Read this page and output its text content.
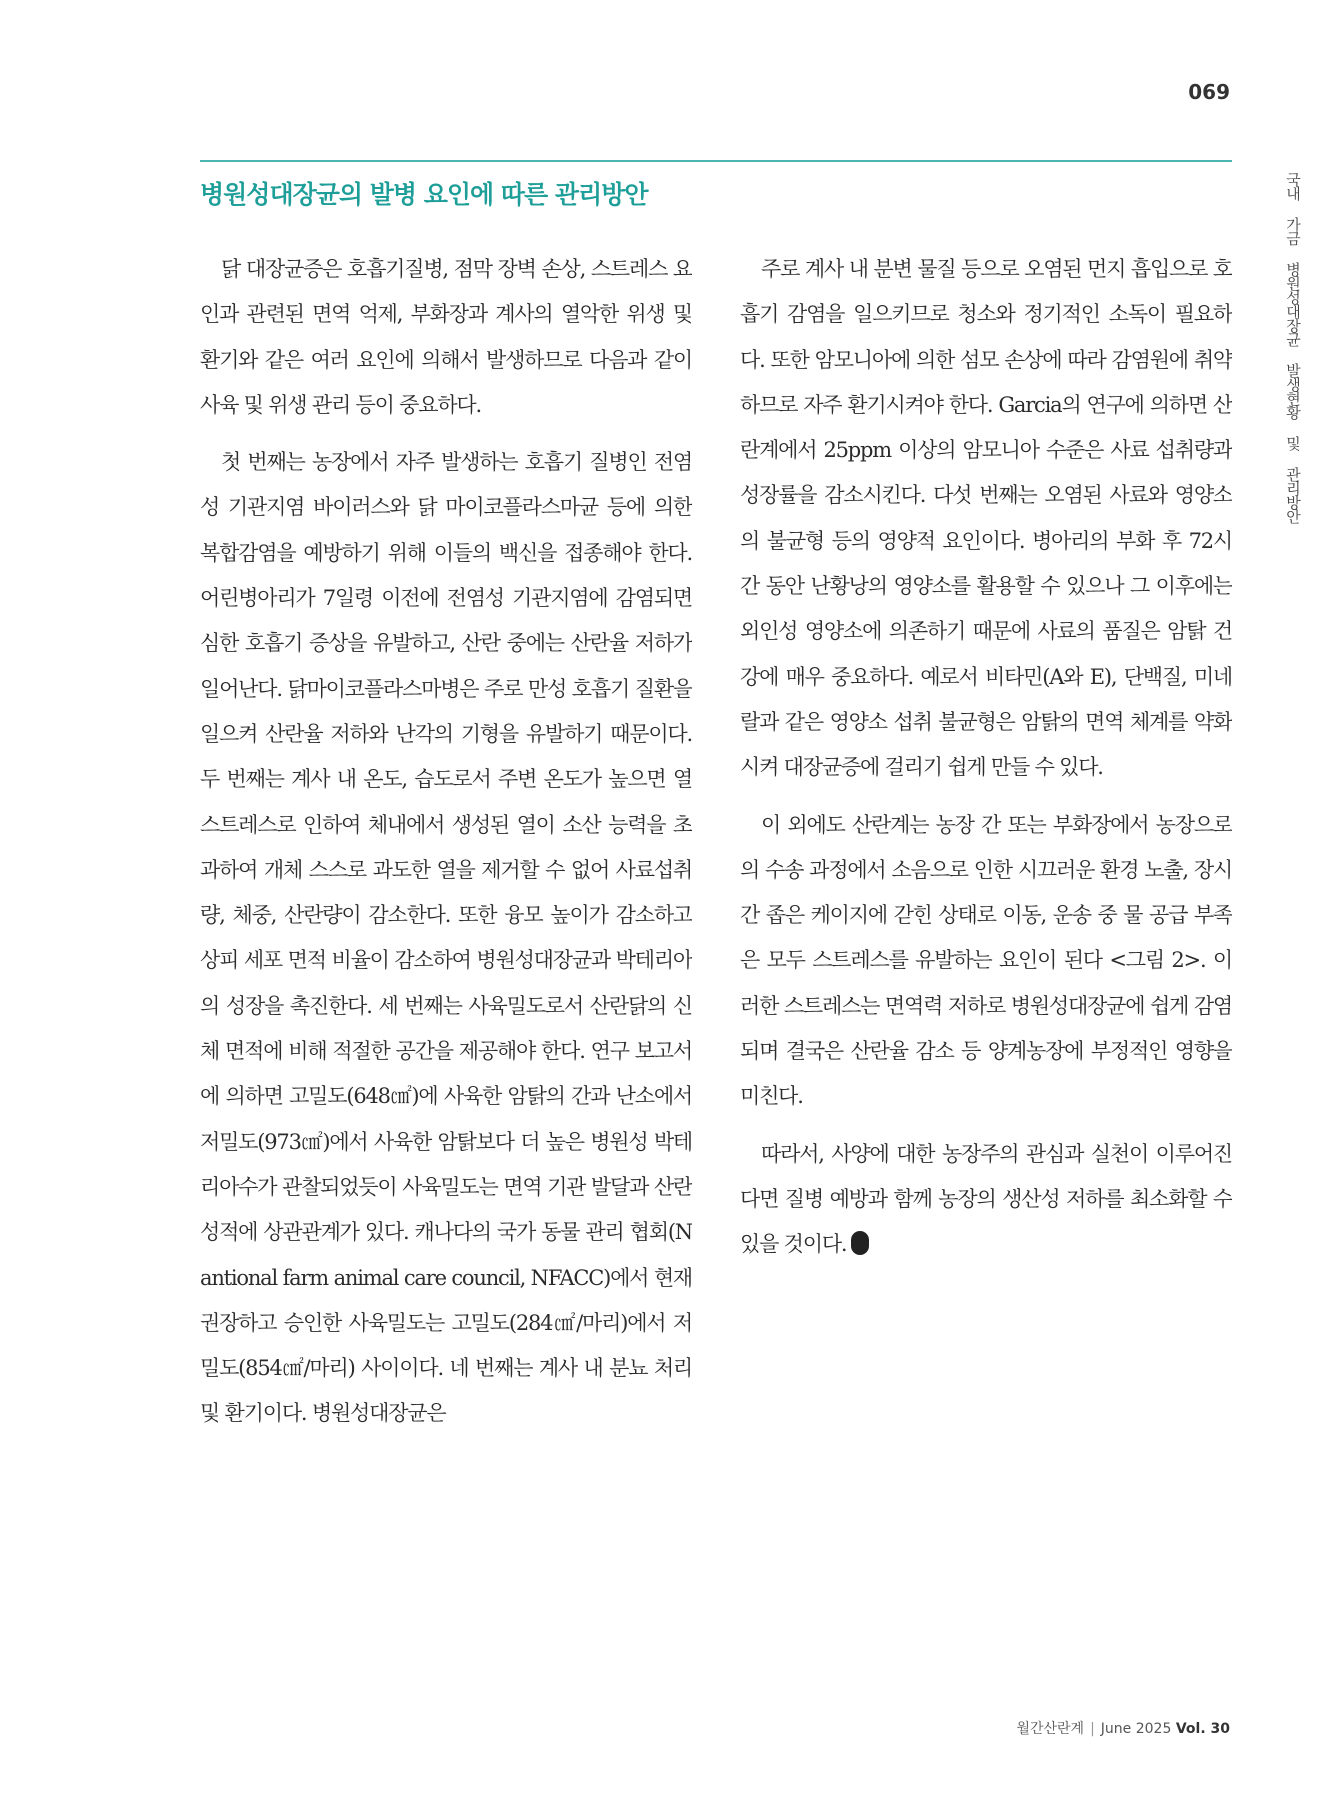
069
병원성대장균의 발병 요인에 따른 관리방안	국내 가금 병원성대장균 발생현황 및 관리방안

닭 대장균증은 호흡기질병, 점막 장벽 손상, 스트레스 요인과 관련된 면역 억제, 부화장과 계사의 열악한 위생 및 환기와 같은 여러 요인에 의해서 발생하므로 다음과 같이 사육 및 위생 관리 등이 중요하다.

첫 번째는 농장에서 자주 발생하는 호흡기 질병인 전염성 기관지염 바이러스와 닭 마이코플라스마균 등에 의한 복합감염을 예방하기 위해 이들의 백신을 접종해야 한다. 어린병아리가 7일령 이전에 전염성 기관지염에 감염되면 심한 호흡기 증상을 유발하고, 산란 중에는 산란율 저하가 일어난다. 닭마이코플라스마병은 주로 만성 호흡기 질환을 일으켜 산란율 저하와 난각의 기형을 유발하기 때문이다. 두 번째는 계사 내 온도, 습도로서 주변 온도가 높으면 열 스트레스로 인하여 체내에서 생성된 열이 소산 능력을 초과하여 개체 스스로 과도한 열을 제거할 수 없어 사료섭취량, 체중, 산란량이 감소한다. 또한 융모 높이가 감소하고 상피 세포 면적 비율이 감소하여 병원성대장균과 박테리아의 성장을 촉진한다. 세 번째는 사육밀도로서 산란닭의 신체 면적에 비해 적절한 공간을 제공해야 한다. 연구 보고서에 의하면 고밀도(648㎠)에 사육한 암탉의 간과 난소에서 저밀도(973㎠)에서 사육한 암탉보다 더 높은 병원성 박테리아수가 관찰되었듯이 사육밀도는 면역 기관 발달과 산란성적에 상관관계가 있다. 캐나다의 국가 동물 관리 협회(Nantional farm animal care council, NFACC)에서 현재 권장하고 승인한 사육밀도는 고밀도(284㎠/마리)에서 저밀도(854㎠/마리) 사이이다. 네 번째는 계사 내 분뇨 처리 및 환기이다. 병원성대장균은

주로 계사 내 분변 물질 등으로 오염된 먼지 흡입으로 호흡기 감염을 일으키므로 청소와 정기적인 소독이 필요하다. 또한 암모니아에 의한 섬모 손상에 따라 감염원에 취약하므로 자주 환기시켜야 한다. Garcia의 연구에 의하면 산란계에서 25ppm 이상의 암모니아 수준은 사료 섭취량과 성장률을 감소시킨다. 다섯 번째는 오염된 사료와 영양소의 불균형 등의 영양적 요인이다. 병아리의 부화 후 72시간 동안 난황낭의 영양소를 활용할 수 있으나 그 이후에는 외인성 영양소에 의존하기 때문에 사료의 품질은 암탉 건강에 매우 중요하다. 예로서 비타민(A와 E), 단백질, 미네랄과 같은 영양소 섭취 불균형은 암탉의 면역 체계를 약화시켜 대장균증에 걸리기 쉽게 만들 수 있다.

이 외에도 산란계는 농장 간 또는 부화장에서 농장으로의 수송 과정에서 소음으로 인한 시끄러운 환경 노출, 장시간 좁은 케이지에 갇힌 상태로 이동, 운송 중 물 공급 부족은 모두 스트레스를 유발하는 요인이 된다 <그림 2>. 이러한 스트레스는 면역력 저하로 병원성대장균에 쉽게 감염되며 결국은 산란율 감소 등 양계농장에 부정적인 영향을 미친다.

따라서, 사양에 대한 농장주의 관심과 실천이 이루어진다면 질병 예방과 함께 농장의 생산성 저하를 최소화할 수 있을 것이다.

월간산란계 | June 2025 Vol. 30
